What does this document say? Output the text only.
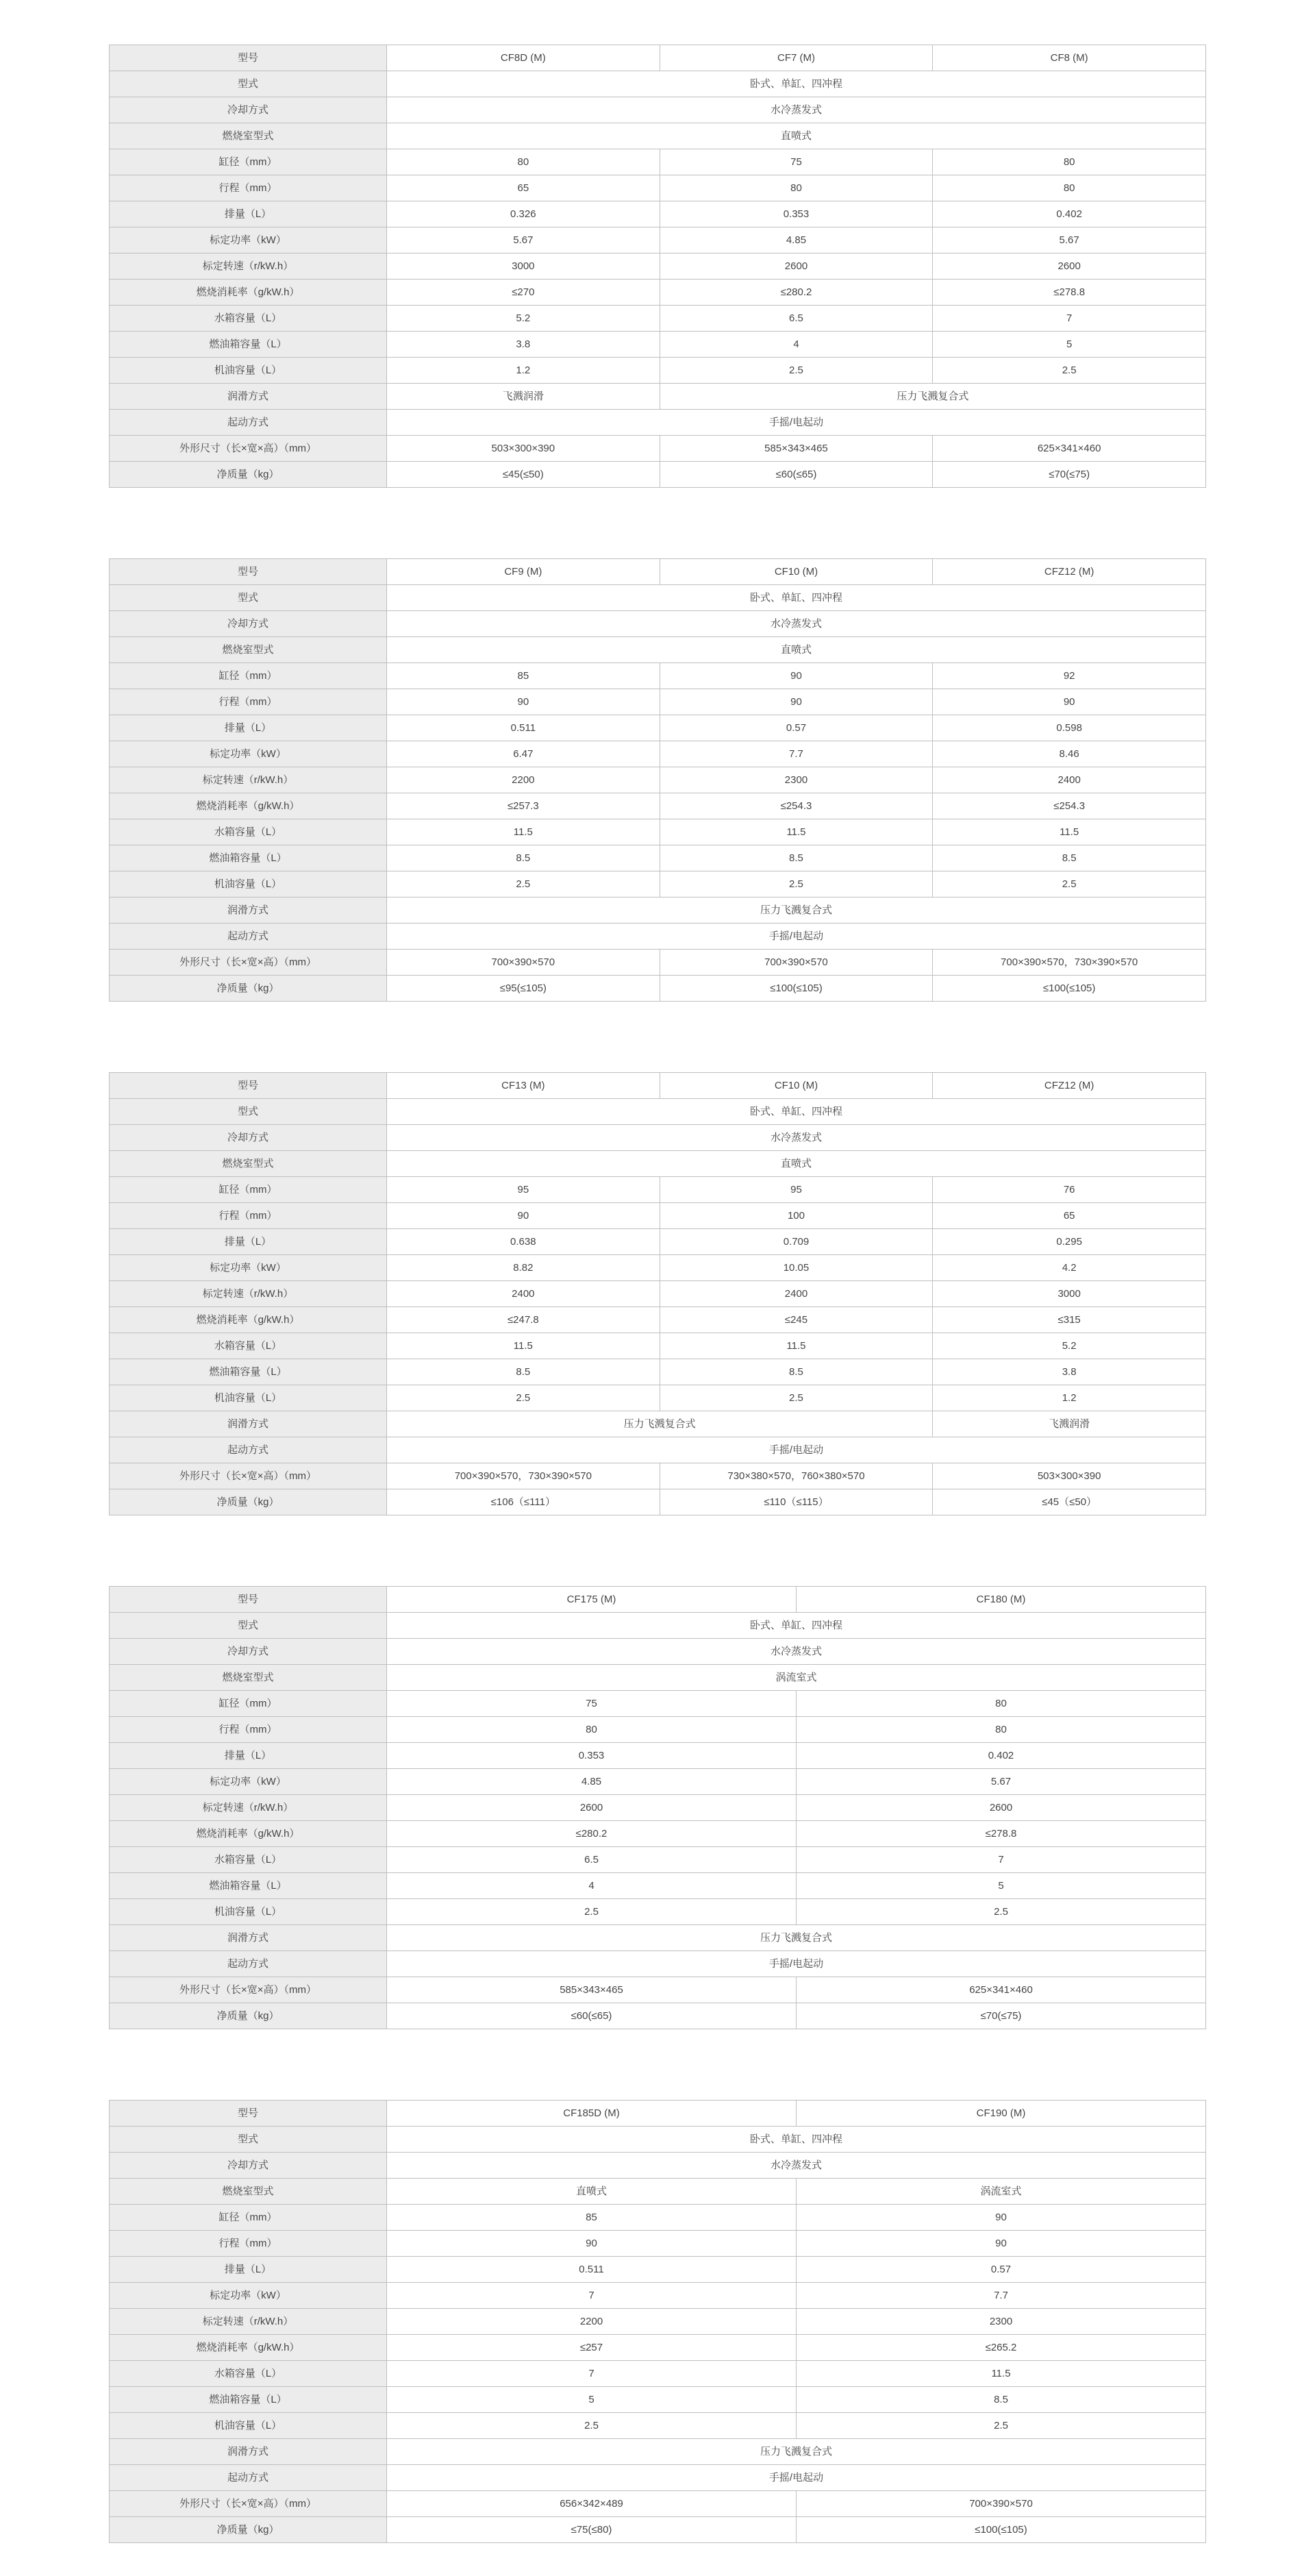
型号	CF8D (M)	CF7 (M)	CF8 (M)
型式	卧式、单缸、四冲程		
冷却方式	水冷蒸发式		
燃烧室型式	直喷式		
缸径（mm）	80	75	80
行程（mm）	65	80	80
排量（L）	0.326	0.353	0.402
标定功率（kW）	5.67	4.85	5.67
标定转速（r/kW.h）	3000	2600	2600
燃烧消耗率（g/kW.h）	≤270	≤280.2	≤278.8
水箱容量（L）	5.2	6.5	7
燃油箱容量（L）	3.8	4	5
机油容量（L）	1.2	2.5	2.5
润滑方式	飞溅润滑	压力飞溅复合式	
起动方式	手摇/电起动		
外形尺寸（长×宽×高）（mm）	503×300×390	585×343×465	625×341×460
净质量（kg）	≤45(≤50)	≤60(≤65)	≤70(≤75)
型号	CF9 (M)	CF10 (M)	CFZ12 (M)
型式	卧式、单缸、四冲程		
冷却方式	水冷蒸发式		
燃烧室型式	直喷式		
缸径（mm）	85	90	92
行程（mm）	90	90	90
排量（L）	0.511	0.57	0.598
标定功率（kW）	6.47	7.7	8.46
标定转速（r/kW.h）	2200	2300	2400
燃烧消耗率（g/kW.h）	≤257.3	≤254.3	≤254.3
水箱容量（L）	11.5	11.5	11.5
燃油箱容量（L）	8.5	8.5	8.5
机油容量（L）	2.5	2.5	2.5
润滑方式	压力飞溅复合式		
起动方式	手摇/电起动		
外形尺寸（长×宽×高）（mm）	700×390×570	700×390×570	700×390×570，730×390×570
净质量（kg）	≤95(≤105)	≤100(≤105)	≤100(≤105)
型号	CF13 (M)	CF10 (M)	CFZ12 (M)
型式	卧式、单缸、四冲程		
冷却方式	水冷蒸发式		
燃烧室型式	直喷式		
缸径（mm）	95	95	76
行程（mm）	90	100	65
排量（L）	0.638	0.709	0.295
标定功率（kW）	8.82	10.05	4.2
标定转速（r/kW.h）	2400	2400	3000
燃烧消耗率（g/kW.h）	≤247.8	≤245	≤315
水箱容量（L）	11.5	11.5	5.2
燃油箱容量（L）	8.5	8.5	3.8
机油容量（L）	2.5	2.5	1.2
润滑方式	压力飞溅复合式		飞溅润滑
起动方式	手摇/电起动		
外形尺寸（长×宽×高）（mm）	700×390×570，730×390×570	730×380×570，760×380×570	503×300×390
净质量（kg）	≤106（≤111）	≤110（≤115）	≤45（≤50）
型号	CF175 (M)	CF180 (M)
型式	卧式、单缸、四冲程	
冷却方式	水冷蒸发式	
燃烧室型式	涡流室式	
缸径（mm）	75	80
行程（mm）	80	80
排量（L）	0.353	0.402
标定功率（kW）	4.85	5.67
标定转速（r/kW.h）	2600	2600
燃烧消耗率（g/kW.h）	≤280.2	≤278.8
水箱容量（L）	6.5	7
燃油箱容量（L）	4	5
机油容量（L）	2.5	2.5
润滑方式	压力飞溅复合式	
起动方式	手摇/电起动	
外形尺寸（长×宽×高）（mm）	585×343×465	625×341×460
净质量（kg）	≤60(≤65)	≤70(≤75)
型号	CF185D (M)	CF190 (M)
型式	卧式、单缸、四冲程	
冷却方式	水冷蒸发式	
燃烧室型式	直喷式	涡流室式
缸径（mm）	85	90
行程（mm）	90	90
排量（L）	0.511	0.57
标定功率（kW）	7	7.7
标定转速（r/kW.h）	2200	2300
燃烧消耗率（g/kW.h）	≤257	≤265.2
水箱容量（L）	7	11.5
燃油箱容量（L）	5	8.5
机油容量（L）	2.5	2.5
润滑方式	压力飞溅复合式	
起动方式	手摇/电起动	
外形尺寸（长×宽×高）（mm）	656×342×489	700×390×570
净质量（kg）	≤75(≤80)	≤100(≤105)
